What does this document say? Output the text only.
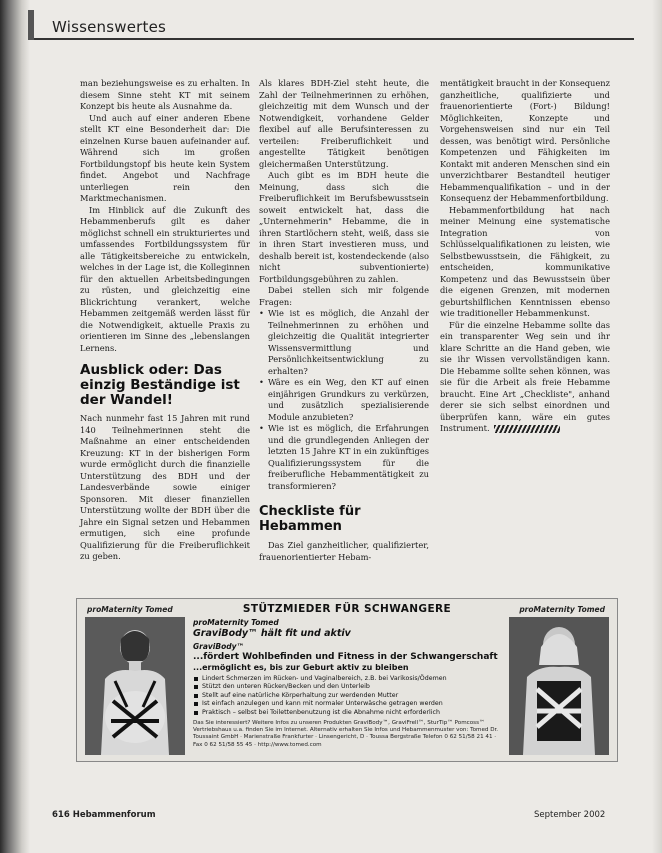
Wissenswertes

man beziehungsweise es zu erhalten. In diesem Sinne steht KT mit seinem Konzept bis heute als Ausnahme da.

Und auch auf einer anderen Ebene stellt KT eine Besonderheit dar: Die einzelnen Kurse bauen aufeinander auf. Während sich im großen Fortbildungstopf bis heute kein System findet. Angebot und Nachfrage unterliegen rein den Marktmechanismen.

Im Hinblick auf die Zukunft des Hebammenberufs gilt es daher möglichst schnell ein strukturiertes und umfassendes Fortbildungssystem für alle Tätigkeitsbereiche zu entwickeln, welches in der Lage ist, die Kolleginnen für den aktuellen Arbeitsbedingungen zu rüsten, und gleichzeitig eine Blickrichtung verankert, welche Hebammen zeitgemäß werden lässt für die Notwendigkeit, aktuelle Praxis zu orientieren im Sinne des „lebenslangen Lernens.

Ausblick oder: Das einzig Beständige ist der Wandel!

Nach nunmehr fast 15 Jahren mit rund 140 Teilnehmerinnen steht die Maßnahme an einer entscheidenden Kreuzung: KT in der bisherigen Form wurde ermöglicht durch die finanzielle Unterstützung des BDH und der Landesverbände sowie einiger Sponsoren. Mit dieser finanziellen Unterstützung wollte der BDH über die Jahre ein Signal setzen und Hebammen ermutigen, sich eine profunde Qualifizierung für die Freiberuflichkeit zu geben.

Als klares BDH-Ziel steht heute, die Zahl der Teilnehmerinnen zu erhöhen, gleichzeitig mit dem Wunsch und der Notwendigkeit, vorhandene Gelder flexibel auf alle Berufsinteressen zu verteilen: Freiberuflichkeit und angestellte Tätigkeit benötigen gleichermaßen Unterstützung.

Auch gibt es im BDH heute die Meinung, dass sich die Freiberuflichkeit im Berufsbewusstsein soweit entwickelt hat, dass die „Unternehmerin" Hebamme, die in ihren Startlöchern steht, weiß, dass sie in ihren Start investieren muss, und deshalb bereit ist, kostendeckende (also nicht subventionierte) Fortbildungsgebühren zu zahlen.

Dabei stellen sich mir folgende Fragen:

• Wie ist es möglich, die Anzahl der Teilnehmerinnen zu erhöhen und gleichzeitig die Qualität integrierter Wissensvermittlung und Persönlichkeitsentwicklung zu erhalten?
• Wäre es ein Weg, den KT auf einen einjährigen Grundkurs zu verkürzen, und zusätzlich spezialisierende Module anzubieten?
• Wie ist es möglich, die Erfahrungen und die grundlegenden Anliegen der letzten 15 Jahre KT in ein zukünftiges Qualifizierungssystem für die freiberufliche Hebammentätigkeit zu transformieren?
Checkliste für Hebammen

Das Ziel ganzheitlicher, qualifizierter, frauenorientierter Hebam-

mentätigkeit braucht in der Konsequenz ganzheitliche, qualifizierte und frauenorientierte (Fort-) Bildung! Möglichkeiten, Konzepte und Vorgehensweisen sind nur ein Teil dessen, was benötigt wird. Persönliche Kompetenzen und Fähigkeiten im Kontakt mit anderen Menschen sind ein unverzichtbarer Bestandteil heutiger Hebammenqualifikation – und in der Konsequenz der Hebammenfortbildung.

Hebammenfortbildung hat nach meiner Meinung eine systematische Integration von Schlüsselqualifikationen zu leisten, wie Selbstbewusstsein, die Fähigkeit, zu entscheiden, kommunikative Kompetenz und das Bewusstsein über die eigenen Grenzen, mit modernen geburtshilflichen Kenntnissen ebenso wie traditioneller Hebammenkunst.

Für die einzelne Hebamme sollte das ein transparenter Weg sein und ihr klare Schritte an die Hand geben, wie sie ihr Wissen vervollständigen kann. Die Hebamme sollte sehen können, was sie für die Arbeit als freie Hebamme braucht. Eine Art „Checkliste", anhand derer sie sich selbst einordnen und überprüfen kann, wäre ein gutes Instrument.

proMaternity Tomed	proMaternity Tomed
STÜTZMIEDER FÜR SCHWANGERE
proMaternity Tomed
GraviBody™ hält fit und aktiv
GraviBody™
...fördert Wohlbefinden und Fitness in der Schwangerschaft
...ermöglicht es, bis zur Geburt aktiv zu bleiben
Lindert Schmerzen im Rücken- und Vaginalbereich, z.B. bei Varikosis/Ödemen
Stützt den unteren Rücken/Becken und den Unterleib
Stellt auf eine natürliche Körperhaltung zur werdenden Mutter
Ist einfach anzulegen und kann mit normaler Unterwäsche getragen werden
Praktisch – selbst bei Toilettenbenutzung ist die Abnahme nicht erforderlich
Das Sie interessiert? Weitere Infos zu unseren Produkten GraviBody™, GraviFrell™, SturTip™ Pomcoss™ Vertriebshaus u.a. finden Sie im Internet. Alternativ erhalten Sie Infos und Hebammenmuster von: Tomed Dr. Toussaint GmbH · Marienstraße Frankfurter · Linsengericht, D · Toussa Bergstraße Telefon 0 62 51/58 21 41 · Fax 0 62 51/58 55 45 · http://www.tomed.com
616 Hebammenforum	September 2002
